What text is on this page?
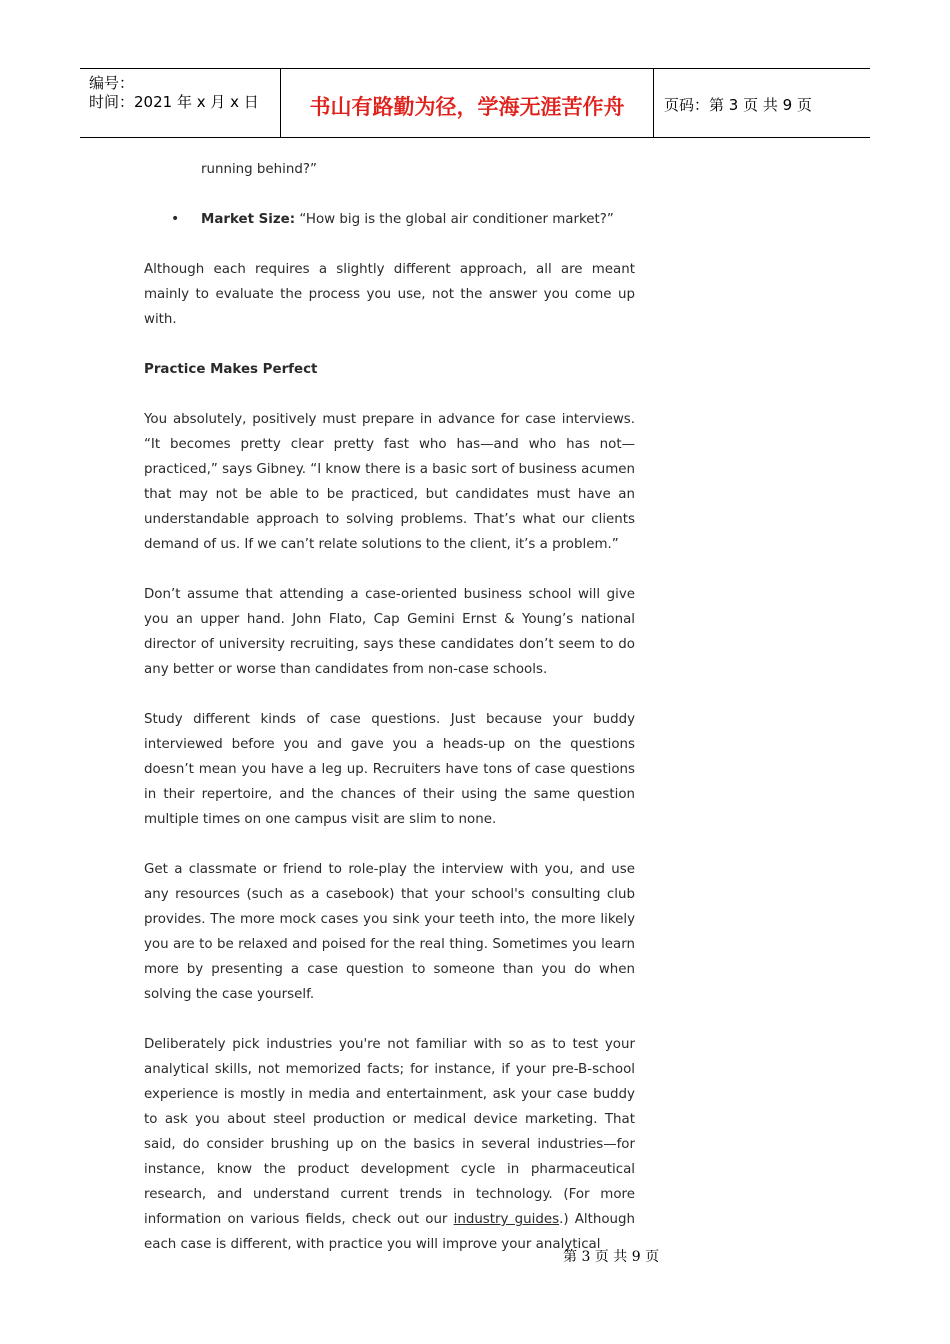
编号：
时间：2021 年 x 月 x 日	书山有路勤为径，学海无涯苦作舟	页码：第 3 页 共 9 页

running behind?”

• Market Size: “How big is the global air conditioner market?”

Although each requires a slightly different approach, all are meant mainly to evaluate the process you use, not the answer you come up with.

Practice Makes Perfect

You absolutely, positively must prepare in advance for case interviews. “It becomes pretty clear pretty fast who has—and who has not—practiced,” says Gibney. “I know there is a basic sort of business acumen that may not be able to be practiced, but candidates must have an understandable approach to solving problems. That’s what our clients demand of us. If we can’t relate solutions to the client, it’s a problem.”

Don’t assume that attending a case-oriented business school will give you an upper hand. John Flato, Cap Gemini Ernst & Young’s national director of university recruiting, says these candidates don’t seem to do any better or worse than candidates from non-case schools.

Study different kinds of case questions. Just because your buddy interviewed before you and gave you a heads-up on the questions doesn’t mean you have a leg up. Recruiters have tons of case questions in their repertoire, and the chances of their using the same question multiple times on one campus visit are slim to none.

Get a classmate or friend to role-play the interview with you, and use any resources (such as a casebook) that your school's consulting club provides. The more mock cases you sink your teeth into, the more likely you are to be relaxed and poised for the real thing. Sometimes you learn more by presenting a case question to someone than you do when solving the case yourself.

Deliberately pick industries you're not familiar with so as to test your analytical skills, not memorized facts; for instance, if your pre-B-school experience is mostly in media and entertainment, ask your case buddy to ask you about steel production or medical device marketing. That said, do consider brushing up on the basics in several industries—for instance, know the product development cycle in pharmaceutical research, and understand current trends in technology. (For more information on various fields, check out our industry guides.) Although each case is different, with practice you will improve your analytical

第 3 页 共 9 页
